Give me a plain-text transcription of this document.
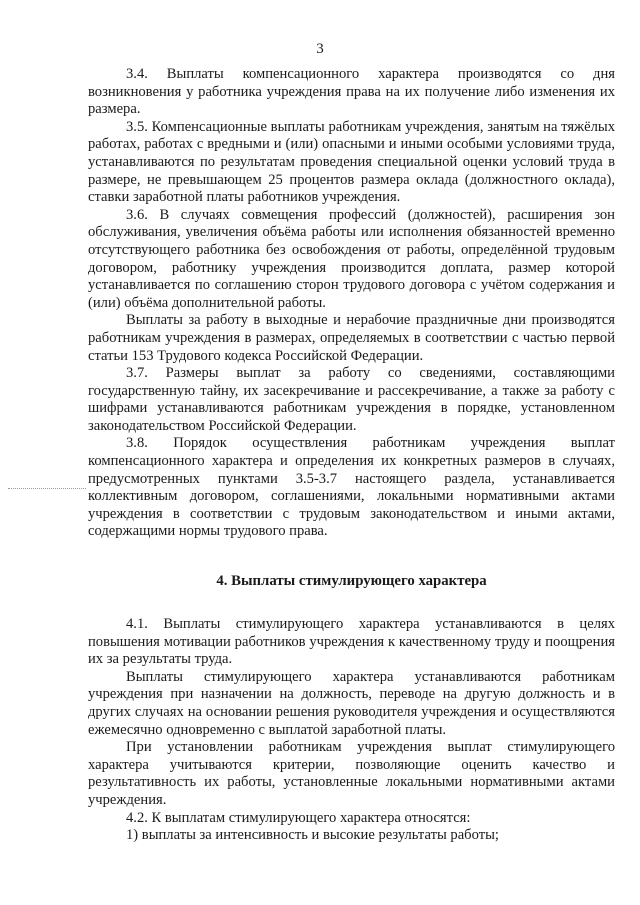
3

3.4. Выплаты компенсационного характера производятся со дня возникновения у работника учреждения права на их получение либо изменения их размера.

3.5. Компенсационные выплаты работникам учреждения, занятым на тяжёлых работах, работах с вредными и (или) опасными и иными особыми условиями труда, устанавливаются по результатам проведения специальной оценки условий труда в размере, не превышающем 25 процентов размера оклада (должностного оклада), ставки заработной платы работников учреждения.

3.6. В случаях совмещения профессий (должностей), расширения зон обслуживания, увеличения объёма работы или исполнения обязанностей временно отсутствующего работника без освобождения от работы, определённой трудовым договором, работнику учреждения производится доплата, размер которой устанавливается по соглашению сторон трудового договора с учётом содержания и (или) объёма дополнительной работы.

Выплаты за работу в выходные и нерабочие праздничные дни производятся работникам учреждения в размерах, определяемых в соответствии с частью первой статьи 153 Трудового кодекса Российской Федерации.

3.7. Размеры выплат за работу со сведениями, составляющими государственную тайну, их засекречивание и рассекречивание, а также за работу с шифрами устанавливаются работникам учреждения в порядке, установленном законодательством Российской Федерации.

3.8. Порядок осуществления работникам учреждения выплат компенсационного характера и определения их конкретных размеров в случаях, предусмотренных пунктами 3.5-3.7 настоящего раздела, устанавливается коллективным договором, соглашениями, локальными нормативными актами учреждения в соответствии с трудовым законодательством и иными актами, содержащими нормы трудового права.

4. Выплаты стимулирующего характера

4.1. Выплаты стимулирующего характера устанавливаются в целях повышения мотивации работников учреждения к качественному труду и поощрения их за результаты труда.

Выплаты стимулирующего характера устанавливаются работникам учреждения при назначении на должность, переводе на другую должность и в других случаях на основании решения руководителя учреждения и осуществляются ежемесячно одновременно с выплатой заработной платы.

При установлении работникам учреждения выплат стимулирующего характера учитываются критерии, позволяющие оценить качество и результативность их работы, установленные локальными нормативными актами учреждения.

4.2. К выплатам стимулирующего характера относятся:

1) выплаты за интенсивность и высокие результаты работы;
